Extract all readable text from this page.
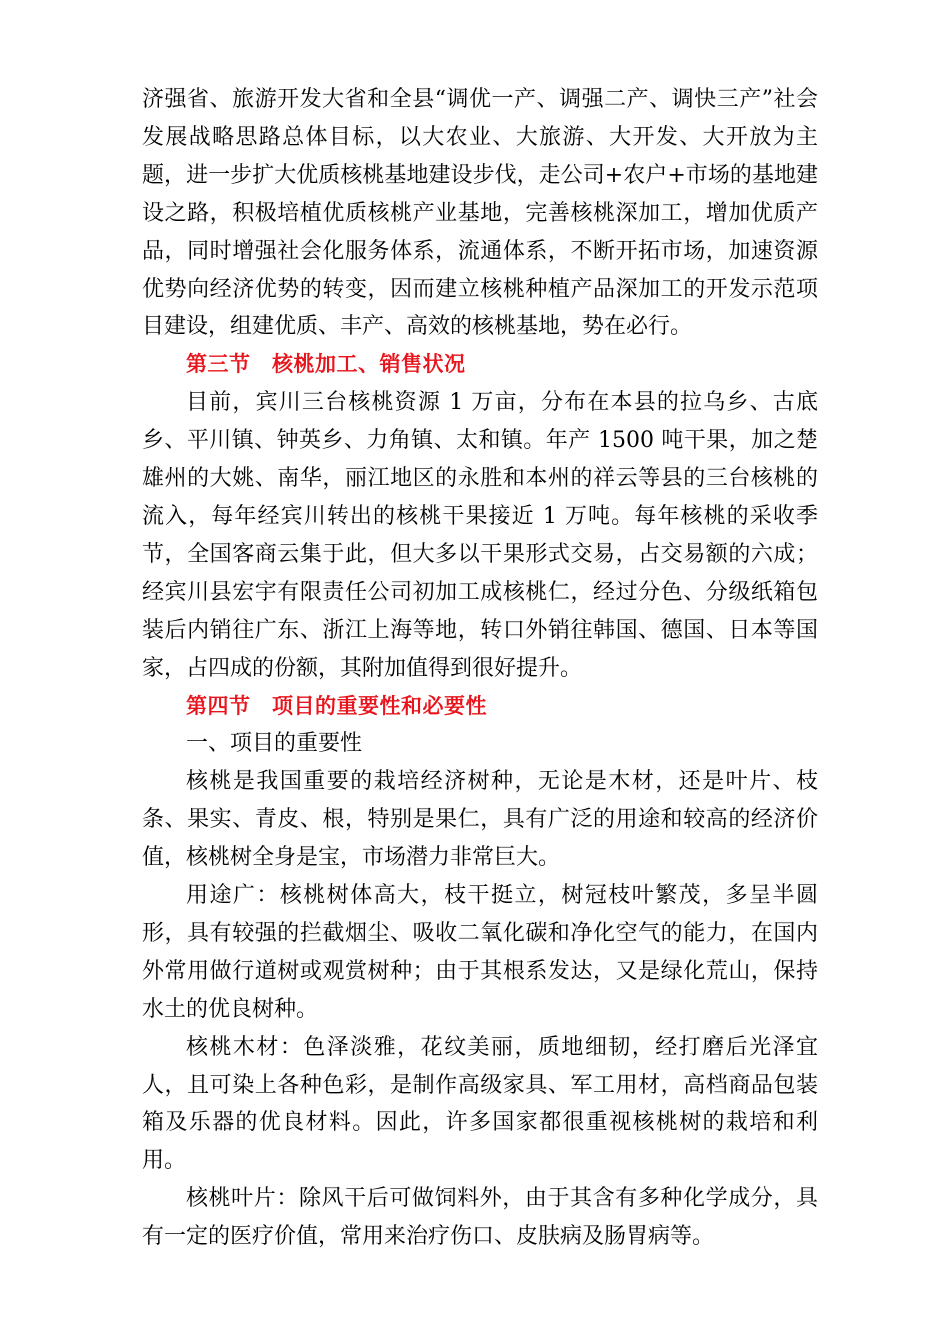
济强省、旅游开发大省和全县“调优一产、调强二产、调快三产”社会发展战略思路总体目标，以大农业、大旅游、大开发、大开放为主题，进一步扩大优质核桃基地建设步伐，走公司+农户+市场的基地建设之路，积极培植优质核桃产业基地，完善核桃深加工，增加优质产品，同时增强社会化服务体系，流通体系，不断开拓市场，加速资源优势向经济优势的转变，因而建立核桃种植产品深加工的开发示范项目建设，组建优质、丰产、高效的核桃基地，势在必行。

第三节　核桃加工、销售状况

目前，宾川三台核桃资源 1 万亩，分布在本县的拉乌乡、古底乡、平川镇、钟英乡、力角镇、太和镇。年产 1500 吨干果，加之楚雄州的大姚、南华，丽江地区的永胜和本州的祥云等县的三台核桃的流入，每年经宾川转出的核桃干果接近 1 万吨。每年核桃的采收季节，全国客商云集于此，但大多以干果形式交易，占交易额的六成；经宾川县宏宇有限责任公司初加工成核桃仁，经过分色、分级纸箱包装后内销往广东、浙江上海等地，转口外销往韩国、德国、日本等国家，占四成的份额，其附加值得到很好提升。

第四节　项目的重要性和必要性

一、项目的重要性

核桃是我国重要的栽培经济树种，无论是木材，还是叶片、枝条、果实、青皮、根，特别是果仁，具有广泛的用途和较高的经济价值，核桃树全身是宝，市场潜力非常巨大。

用途广：核桃树体高大，枝干挺立，树冠枝叶繁茂，多呈半圆形，具有较强的拦截烟尘、吸收二氧化碳和净化空气的能力，在国内外常用做行道树或观赏树种；由于其根系发达，又是绿化荒山，保持水土的优良树种。

核桃木材：色泽淡雅，花纹美丽，质地细韧，经打磨后光泽宜人，且可染上各种色彩，是制作高级家具、军工用材，高档商品包装箱及乐器的优良材料。因此，许多国家都很重视核桃树的栽培和利用。

核桃叶片：除风干后可做饲料外，由于其含有多种化学成分，具有一定的医疗价值，常用来治疗伤口、皮肤病及肠胃病等。
